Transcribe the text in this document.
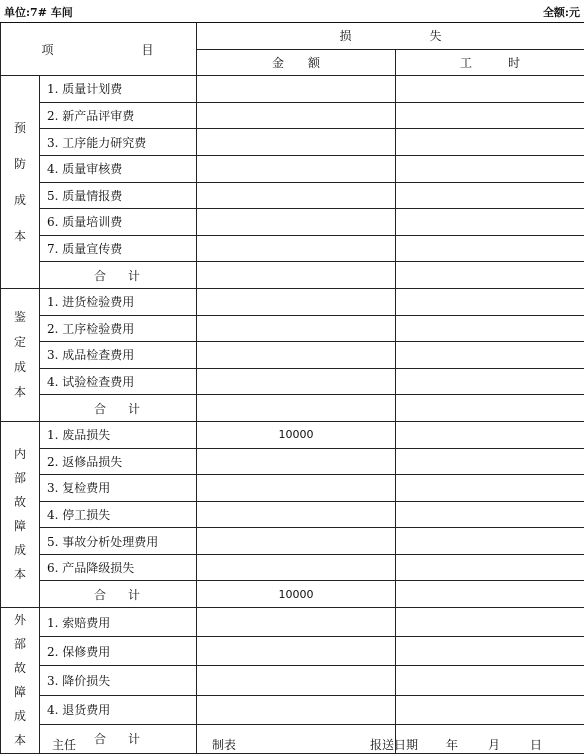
单位:7# 车间	全额:元
项　目		损失	
		金　　额	工　　　时
预防成本	1. 质量计划费		
	2. 新产品评审费		
	3. 工序能力研究费		
	4. 质量审核费		
	5. 质量情报费		
	6. 质量培训费		
	7. 质量宣传费		
	合计		
鉴定成本	1. 进货检验费用		
	2. 工序检验费用		
	3. 成品检查费用		
	4. 试验检查费用		
	合计		
内部故障成本	1. 废品损失	10000	
	2. 返修品损失		
	3. 复检费用		
	4. 停工损失		
	5. 事故分析处理费用		
	6. 产品降级损失		
	合计	10000	
外部故障成本	1. 索赔费用		
	2. 保修费用		
	3. 降价损失		
	4. 退货费用		
	合计		
主任	制表	报送日期 年 月 日
